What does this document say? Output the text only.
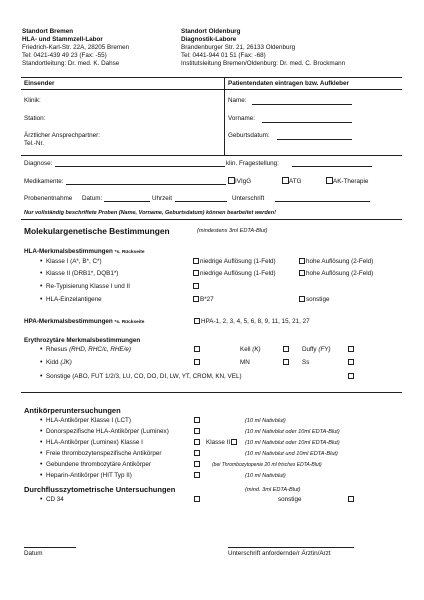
Standort Bremen
HLA- und Stammzell-Labor
Friedrich-Karl-Str. 22A, 28205 Bremen
Tel: 0421-439 49 23 (Fax: -55)
Standortleitung: Dr. med. K. Dahse
Standort Oldenburg
Diagnostik-Labore
Brandenburger Str. 21, 26133 Oldenburg
Tel: 0441-944 01 51 (Fax: -68)
Institutsleitung Bremen/Oldenburg: Dr. med. C. Brockmann
Einsender	Patientendaten eintragen bzw. Aufkleber
Klinik:
Station:
Ärztlicher Ansprechpartner:
Tel.-Nr.
Name:
Vorname:
Geburtsdatum:
Diagnose:	klin. Fragestellung:
Medikamente:	IVIgG	ATG	AK-Therapie
Probenentnahme Datum:	Uhrzeit	Unterschrift
Nur vollständig beschriftete Proben (Name, Vorname, Geburtsdatum) können bearbeitet werden!
Molekulargenetische Bestimmungen	(mindestens 3ml EDTA-Blut)
HLA-Merkmalsbestimmungen *s. Rückseite
• Klasse I (A*, B*, C*)	niedrige Auflösung (1-Feld)	hohe Auflösung (2-Feld)
• Klasse II (DRB1*, DQB1*)	niedrige Auflösung (1-Feld)	hohe Auflösung (2-Feld)
• Re-Typisierung Klasse I und II
• HLA-Einzelantigene	B*27	sonstige
HPA-Merkmalsbestimmungen *s. Rückseite	HPA-1, 2, 3, 4, 5, 6, 8, 9, 11, 15, 21, 27
Erythrozytäre Merkmalsbestimmungen
• Rhesus (RHD, RHC/c, RHE/e)	Kell (K)	Duffy (FY)
• Kidd (JK)	MN	Ss
• Sonstige (ABO, FUT 1/2/3, LU, CO, DO, DI, LW, YT, CROM, KN, VEL)
Antikörperuntersuchungen
• HLA-Antikörper Klasse I (LCT)	(10 ml Nativblut)
• Donorspezifische HLA-Antikörper (Luminex)	(10 ml Nativblut oder 10ml EDTA-Blut)
• HLA-Antikörper (Luminex) Klasse I	Klasse II	(10 ml Nativblut oder 10ml EDTA-Blut)
• Freie thrombozytenspezifische Antikörper	(10 ml Nativblut und 10ml EDTA-Blut)
• Gebundene thrombozytäre Antikörper	(bei Thrombozytopenie 20 ml frisches EDTA-Blut)
• Heparin-Antikörper (HIT Typ II)	(10 ml Nativblut)
Durchflusszytometrische Untersuchungen	(mind. 3ml EDTA-Blut)
• CD 34	sonstige
Datum	Unterschrift anfordernde/r Ärztin/Arzt
